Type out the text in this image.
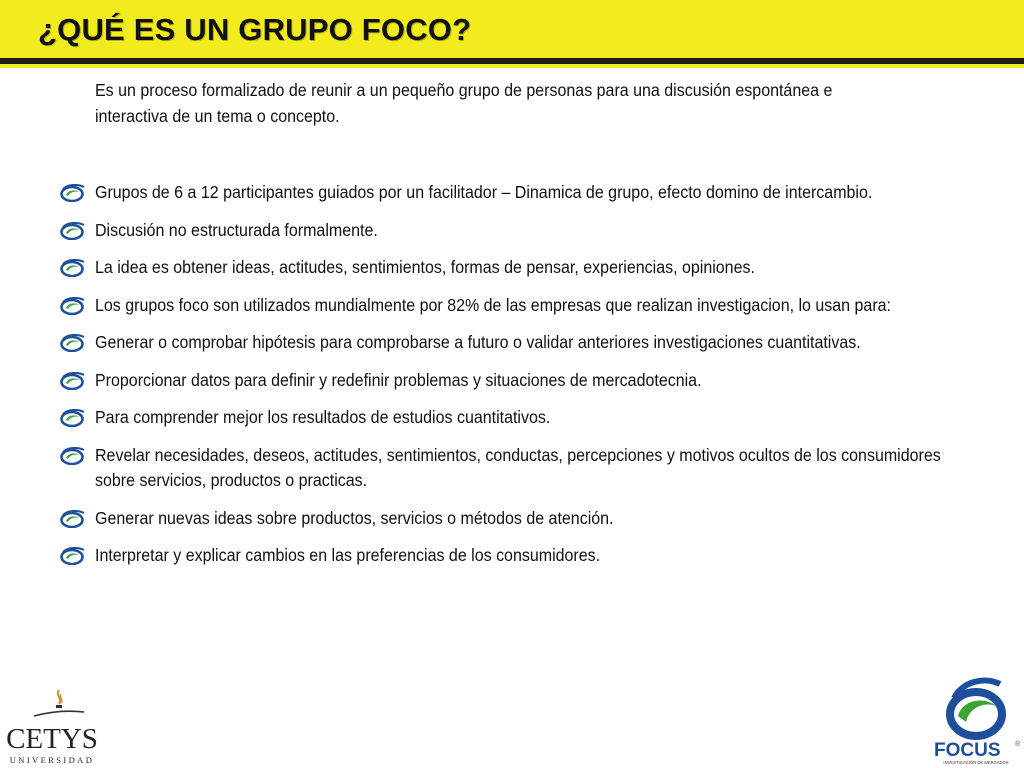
¿QUÉ ES UN GRUPO FOCO?

Es un proceso formalizado de reunir a un pequeño grupo de personas para una discusión espontánea e interactiva de un tema o concepto.

Grupos de 6 a 12 participantes guiados por un facilitador – Dinamica de grupo, efecto domino de intercambio.
Discusión no estructurada formalmente.
La idea es obtener ideas, actitudes, sentimientos, formas de pensar, experiencias, opiniones.
Los grupos foco son utilizados mundialmente por 82% de las empresas que realizan investigacion, lo usan para:
Generar o comprobar hipótesis para comprobarse a futuro o validar anteriores investigaciones cuantitativas.
Proporcionar datos para definir y redefinir problemas y situaciones de mercadotecnia.
Para comprender mejor los resultados de estudios cuantitativos.
Revelar necesidades, deseos, actitudes, sentimientos, conductas, percepciones y motivos ocultos de los consumidores sobre servicios, productos o practicas.
Generar nuevas ideas sobre productos, servicios o métodos de atención.
Interpretar y explicar cambios en las preferencias de los consumidores.
CETYS
UNIVERSIDAD	FOCUS ®
INVESTIGACIÓN DE MERCADOS
